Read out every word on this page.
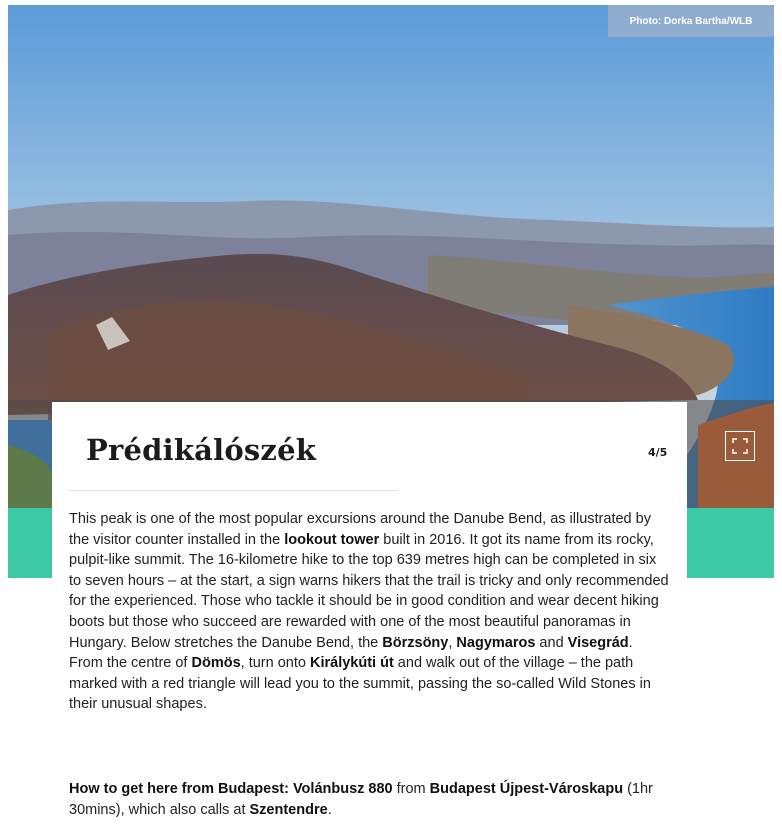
Photo: Dorka Bartha/WLB
Prédikálószék	4/5

This peak is one of the most popular excursions around the Danube Bend, as illustrated by the visitor counter installed in the lookout tower built in 2016. It got its name from its rocky, pulpit-like summit. The 16-kilometre hike to the top 639 metres high can be completed in six to seven hours – at the start, a sign warns hikers that the trail is tricky and only recommended for the experienced. Those who tackle it should be in good condition and wear decent hiking boots but those who succeed are rewarded with one of the most beautiful panoramas in Hungary. Below stretches the Danube Bend, the Börzsöny, Nagymaros and Visegrád. From the centre of Dömös, turn onto Királykúti út and walk out of the village – the path marked with a red triangle will lead you to the summit, passing the so-called Wild Stones in their unusual shapes.

How to get here from Budapest: Volánbusz 880 from Budapest Újpest-Városkapu (1hr 30mins), which also calls at Szentendre.
